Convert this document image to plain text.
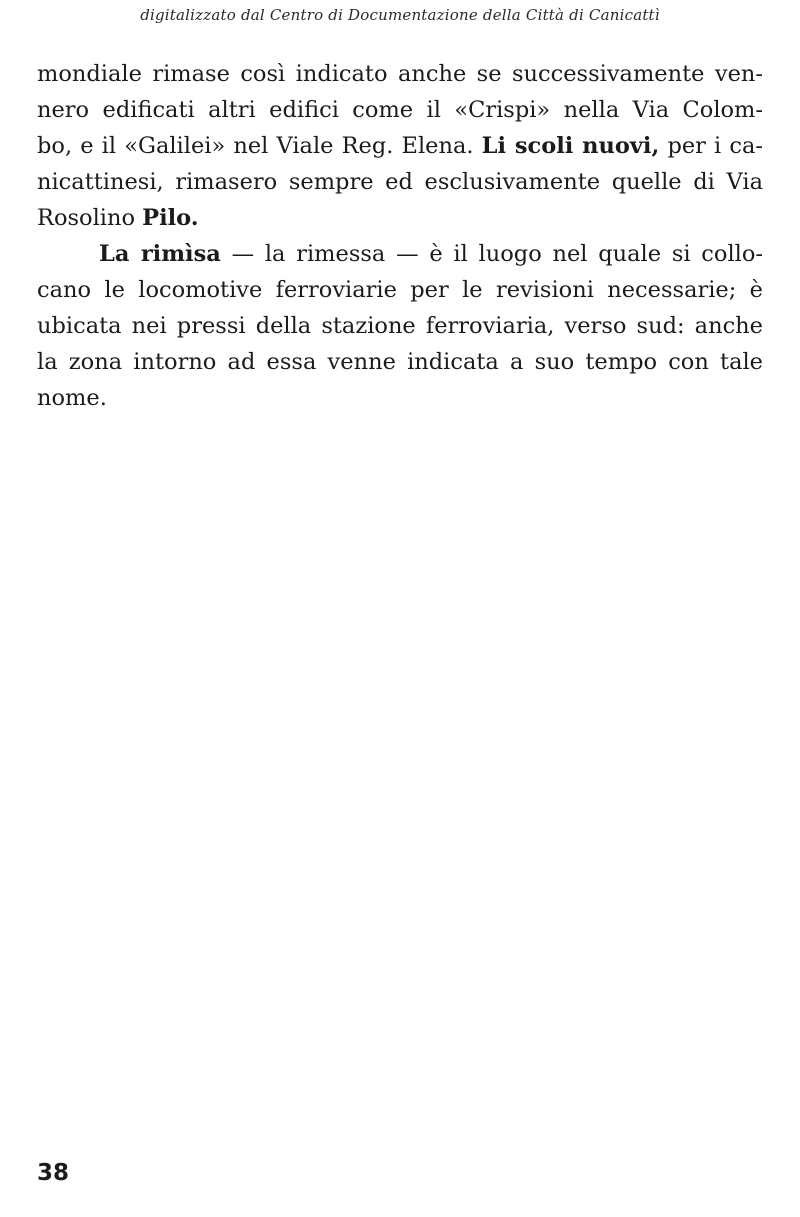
digitalizzato dal Centro di Documentazione della Città di Canicattì
mondiale rimase così indicato anche se successivamente ven-
nero edificati altri edifici come il «Crispi» nella Via Colom-
bo, e il «Galilei» nel Viale Reg. Elena. Li scoli nuovi, per i ca-
nicattinesi, rimasero sempre ed esclusivamente quelle di Via
Rosolino Pilo.
La rimìsa — la rimessa — è il luogo nel quale si collo-
cano le locomotive ferroviarie per le revisioni necessarie; è
ubicata nei pressi della stazione ferroviaria, verso sud: anche
la zona intorno ad essa venne indicata a suo tempo con tale
nome.
38
